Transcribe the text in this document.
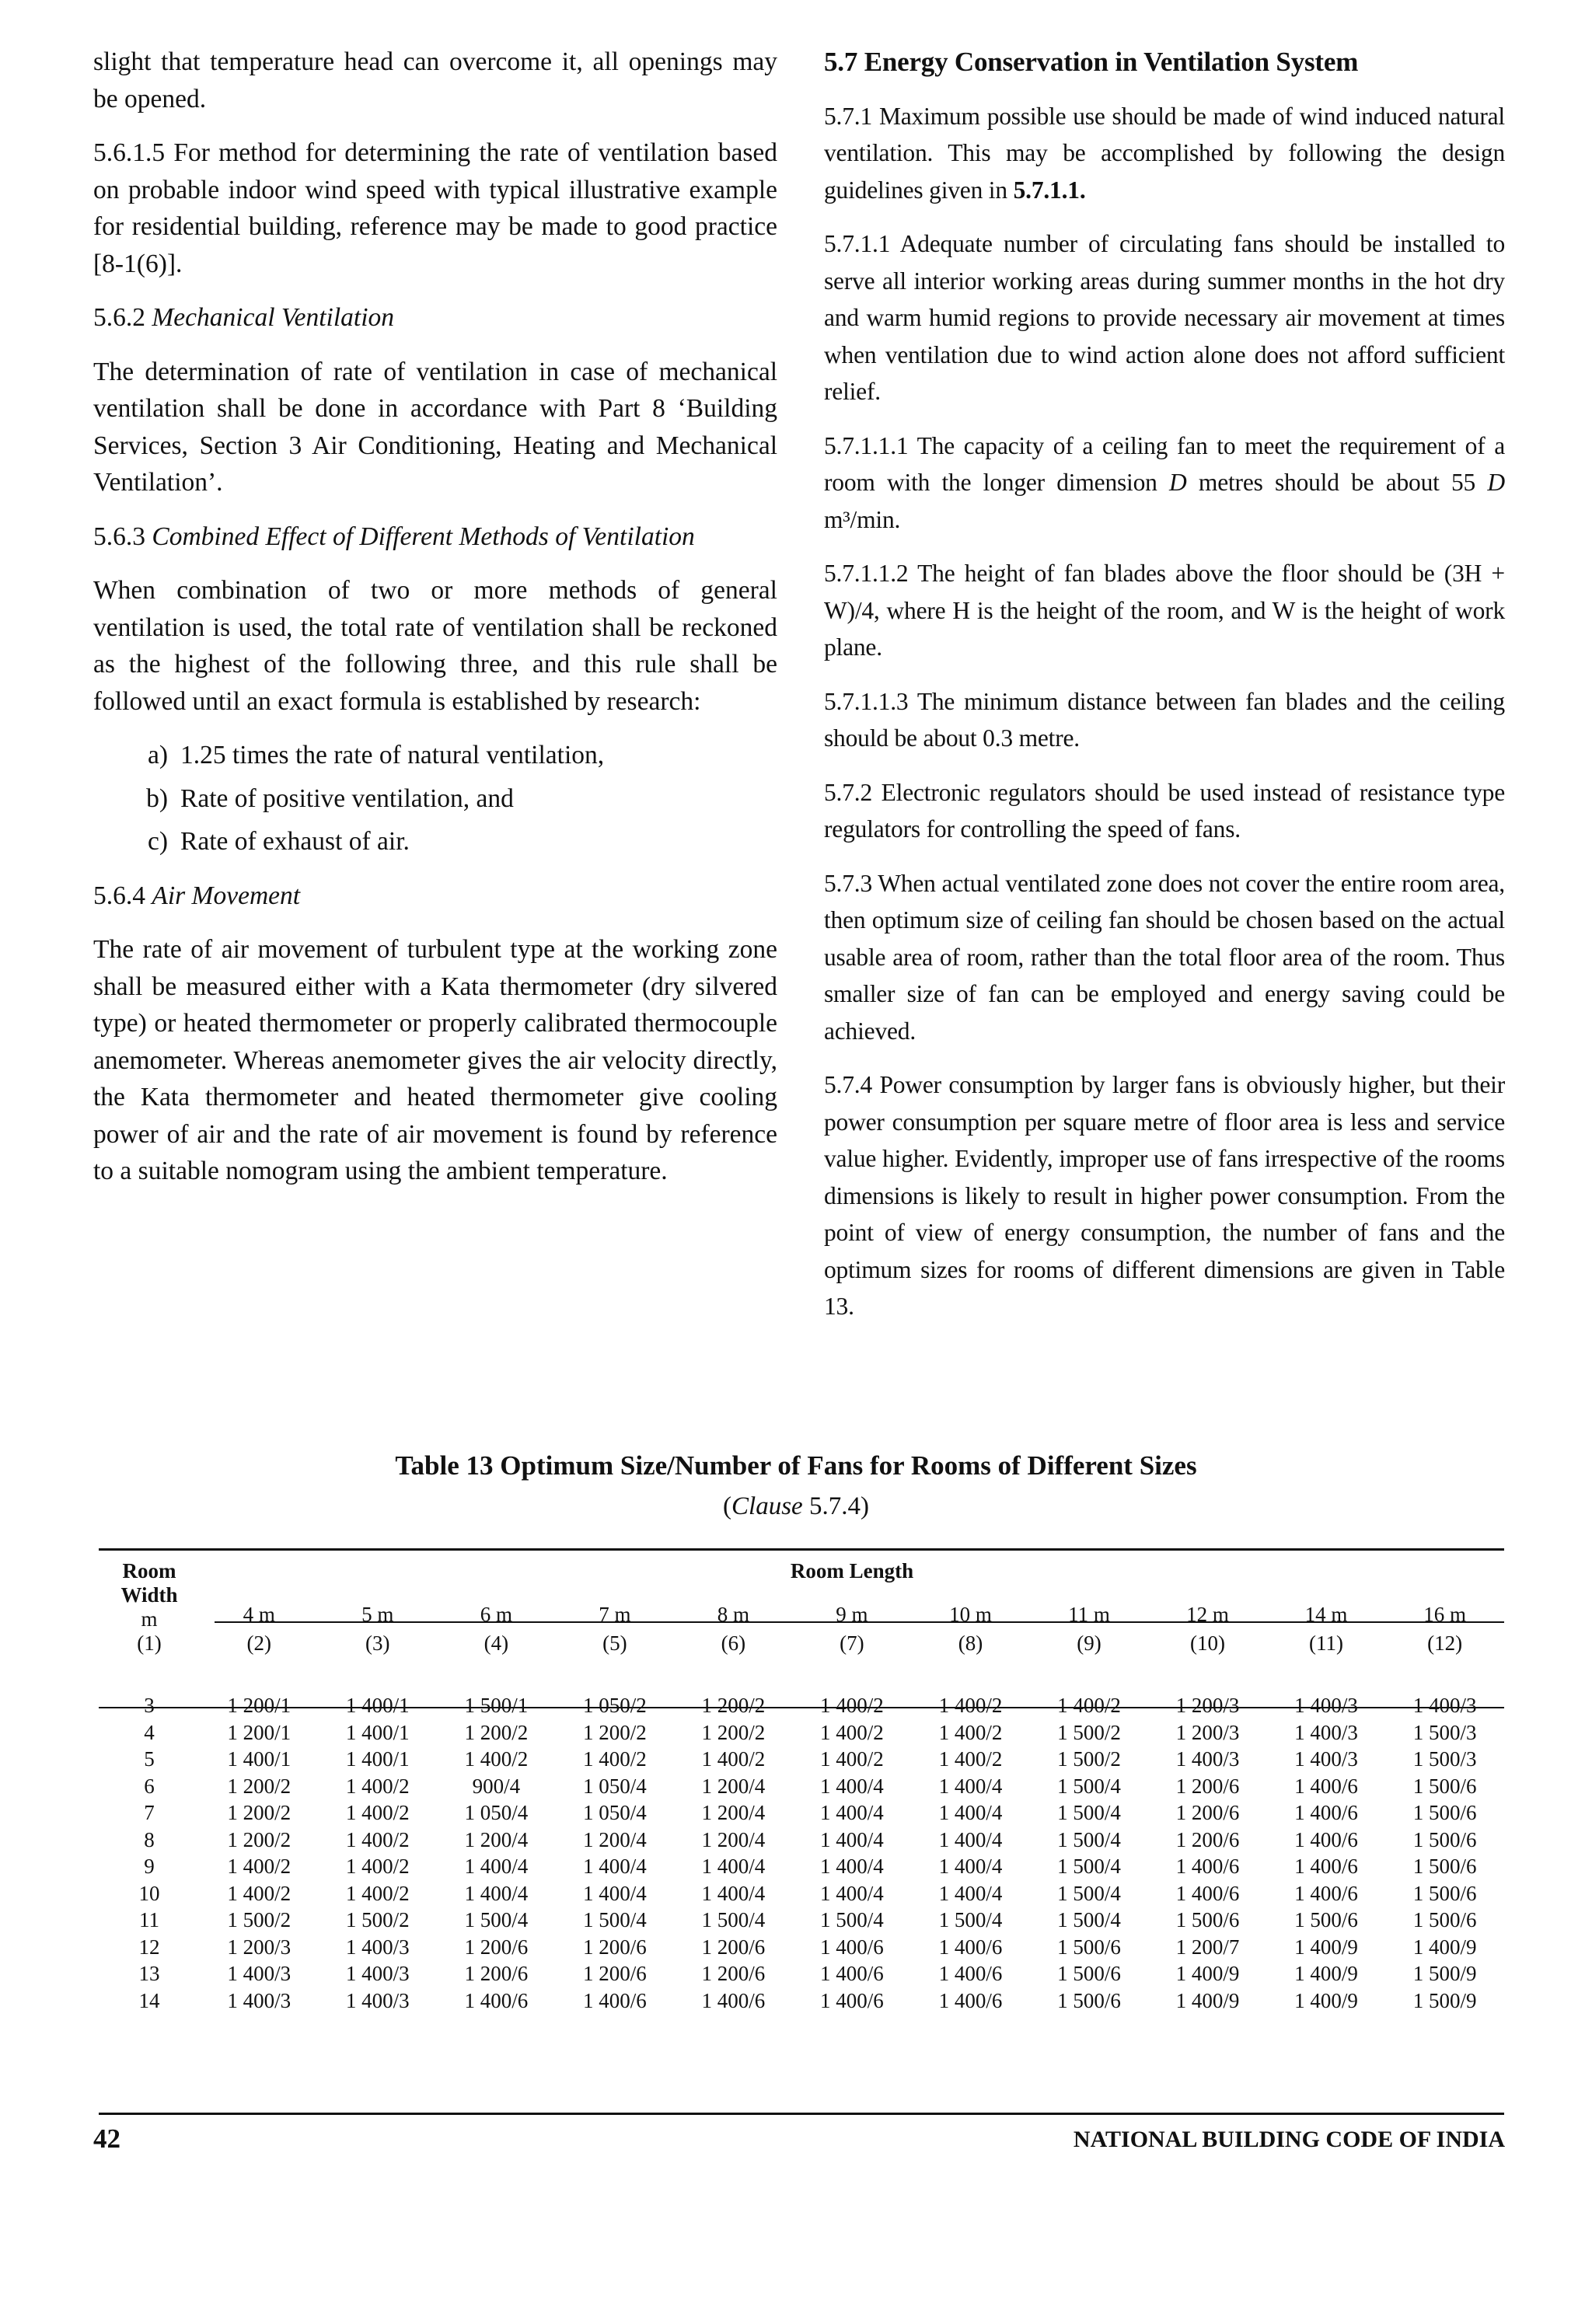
slight that temperature head can overcome it, all openings may be opened.

5.6.1.5 For method for determining the rate of ventilation based on probable indoor wind speed with typical illustrative example for residential building, reference may be made to good practice [8-1(6)].

5.6.2 Mechanical Ventilation

The determination of rate of ventilation in case of mechanical ventilation shall be done in accordance with Part 8 ‘Building Services, Section 3 Air Conditioning, Heating and Mechanical Ventilation’.

5.6.3 Combined Effect of Different Methods of Ventilation

When combination of two or more methods of general ventilation is used, the total rate of ventilation shall be reckoned as the highest of the following three, and this rule shall be followed until an exact formula is established by research:

a) 1.25 times the rate of natural ventilation,
b) Rate of positive ventilation, and
c) Rate of exhaust of air.

5.6.4 Air Movement

The rate of air movement of turbulent type at the working zone shall be measured either with a Kata thermometer (dry silvered type) or heated thermometer or properly calibrated thermocouple anemometer. Whereas anemometer gives the air velocity directly, the Kata thermometer and heated thermometer give cooling power of air and the rate of air movement is found by reference to a suitable nomogram using the ambient temperature.

5.7 Energy Conservation in Ventilation System

5.7.1 Maximum possible use should be made of wind induced natural ventilation. This may be accomplished by following the design guidelines given in 5.7.1.1.

5.7.1.1 Adequate number of circulating fans should be installed to serve all interior working areas during summer months in the hot dry and warm humid regions to provide necessary air movement at times when ventilation due to wind action alone does not afford sufficient relief.

5.7.1.1.1 The capacity of a ceiling fan to meet the requirement of a room with the longer dimension D metres should be about 55 D m³/min.

5.7.1.1.2 The height of fan blades above the floor should be (3H + W)/4, where H is the height of the room, and W is the height of work plane.

5.7.1.1.3 The minimum distance between fan blades and the ceiling should be about 0.3 metre.

5.7.2 Electronic regulators should be used instead of resistance type regulators for controlling the speed of fans.

5.7.3 When actual ventilated zone does not cover the entire room area, then optimum size of ceiling fan should be chosen based on the actual usable area of room, rather than the total floor area of the room. Thus smaller size of fan can be employed and energy saving could be achieved.

5.7.4 Power consumption by larger fans is obviously higher, but their power consumption per square metre of floor area is less and service value higher. Evidently, improper use of fans irrespective of the rooms dimensions is likely to result in higher power consumption. From the point of view of energy consumption, the number of fans and the optimum sizes for rooms of different dimensions are given in Table 13.

Table 13 Optimum Size/Number of Fans for Rooms of Different Sizes
(Clause 5.7.4)
Room Width
m	Room Length										
	4 m	5 m	6 m	7 m	8 m	9 m	10 m	11 m	12 m	14 m	16 m
(1)	(2)	(3)	(4)	(5)	(6)	(7)	(8)	(9)	(10)	(11)	(12)
3	1 200/1	1 400/1	1 500/1	1 050/2	1 200/2	1 400/2	1 400/2	1 400/2	1 200/3	1 400/3	1 400/3
4	1 200/1	1 400/1	1 200/2	1 200/2	1 200/2	1 400/2	1 400/2	1 500/2	1 200/3	1 400/3	1 500/3
5	1 400/1	1 400/1	1 400/2	1 400/2	1 400/2	1 400/2	1 400/2	1 500/2	1 400/3	1 400/3	1 500/3
6	1 200/2	1 400/2	900/4	1 050/4	1 200/4	1 400/4	1 400/4	1 500/4	1 200/6	1 400/6	1 500/6
7	1 200/2	1 400/2	1 050/4	1 050/4	1 200/4	1 400/4	1 400/4	1 500/4	1 200/6	1 400/6	1 500/6
8	1 200/2	1 400/2	1 200/4	1 200/4	1 200/4	1 400/4	1 400/4	1 500/4	1 200/6	1 400/6	1 500/6
9	1 400/2	1 400/2	1 400/4	1 400/4	1 400/4	1 400/4	1 400/4	1 500/4	1 400/6	1 400/6	1 500/6
10	1 400/2	1 400/2	1 400/4	1 400/4	1 400/4	1 400/4	1 400/4	1 500/4	1 400/6	1 400/6	1 500/6
11	1 500/2	1 500/2	1 500/4	1 500/4	1 500/4	1 500/4	1 500/4	1 500/4	1 500/6	1 500/6	1 500/6
12	1 200/3	1 400/3	1 200/6	1 200/6	1 200/6	1 400/6	1 400/6	1 500/6	1 200/7	1 400/9	1 400/9
13	1 400/3	1 400/3	1 200/6	1 200/6	1 200/6	1 400/6	1 400/6	1 500/6	1 400/9	1 400/9	1 500/9
14	1 400/3	1 400/3	1 400/6	1 400/6	1 400/6	1 400/6	1 400/6	1 500/6	1 400/9	1 400/9	1 500/9
42	NATIONAL BUILDING CODE OF INDIA
